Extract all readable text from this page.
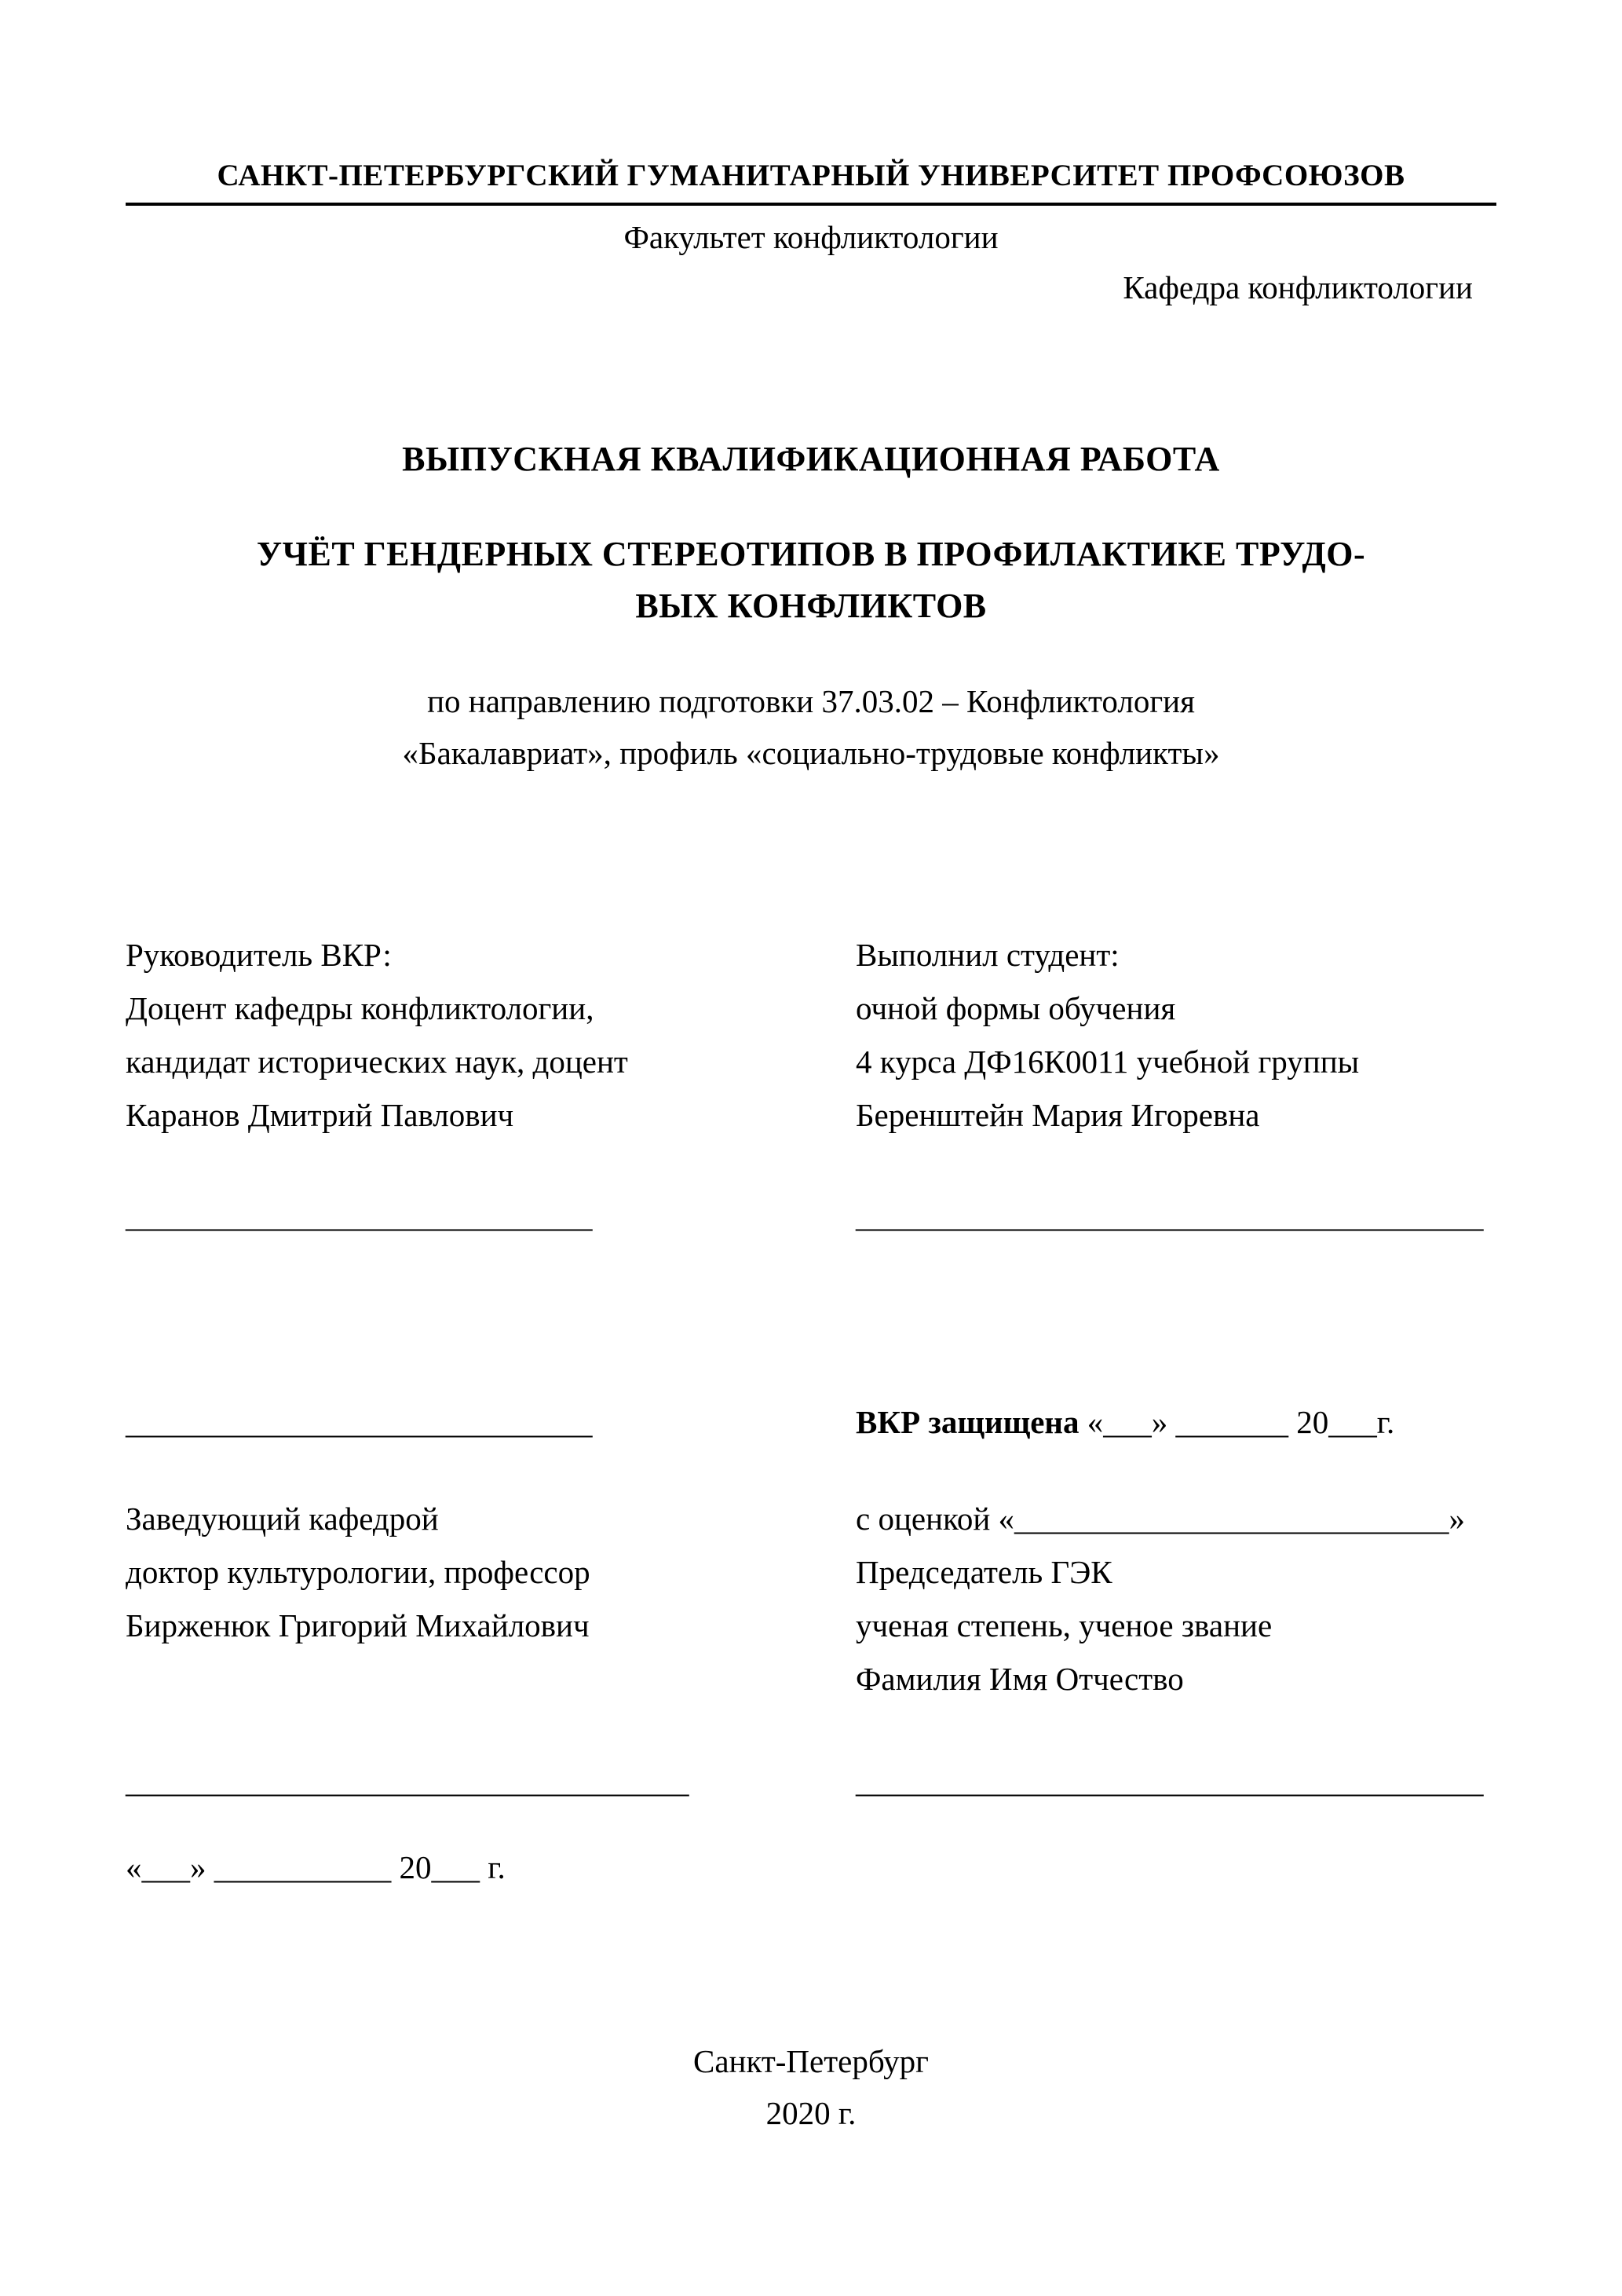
САНКТ-ПЕТЕРБУРГСКИЙ ГУМАНИТАРНЫЙ УНИВЕРСИТЕТ ПРОФСОЮЗОВ
Факультет конфликтологии
Кафедра конфликтологии
ВЫПУСКНАЯ КВАЛИФИКАЦИОННАЯ РАБОТА
УЧЁТ ГЕНДЕРНЫХ СТЕРЕОТИПОВ В ПРОФИЛАКТИКЕ ТРУДО-
ВЫХ КОНФЛИКТОВ
по направлению подготовки 37.03.02 – Конфликтология
«Бакалавриат», профиль «социально-трудовые конфликты»
Руководитель ВКР:
Доцент кафедры конфликтологии,
кандидат исторических наук, доцент
Каранов Дмитрий Павлович
Выполнил студент:
очной формы обучения
4 курса ДФ16К0011 учебной группы
Беренштейн Мария Игоревна
_____________________________	_______________________________________
_____________________________	ВКР защищена «___» _______ 20___г.
Заведующий кафедрой
доктор культурологии, профессор
Бирженюк Григорий Михайлович
с оценкой «___________________________»
Председатель ГЭК
ученая степень, ученое звание
Фамилия Имя Отчество
___________________________________	_______________________________________
«___» ___________ 20___ г.
Санкт-Петербург
2020 г.
